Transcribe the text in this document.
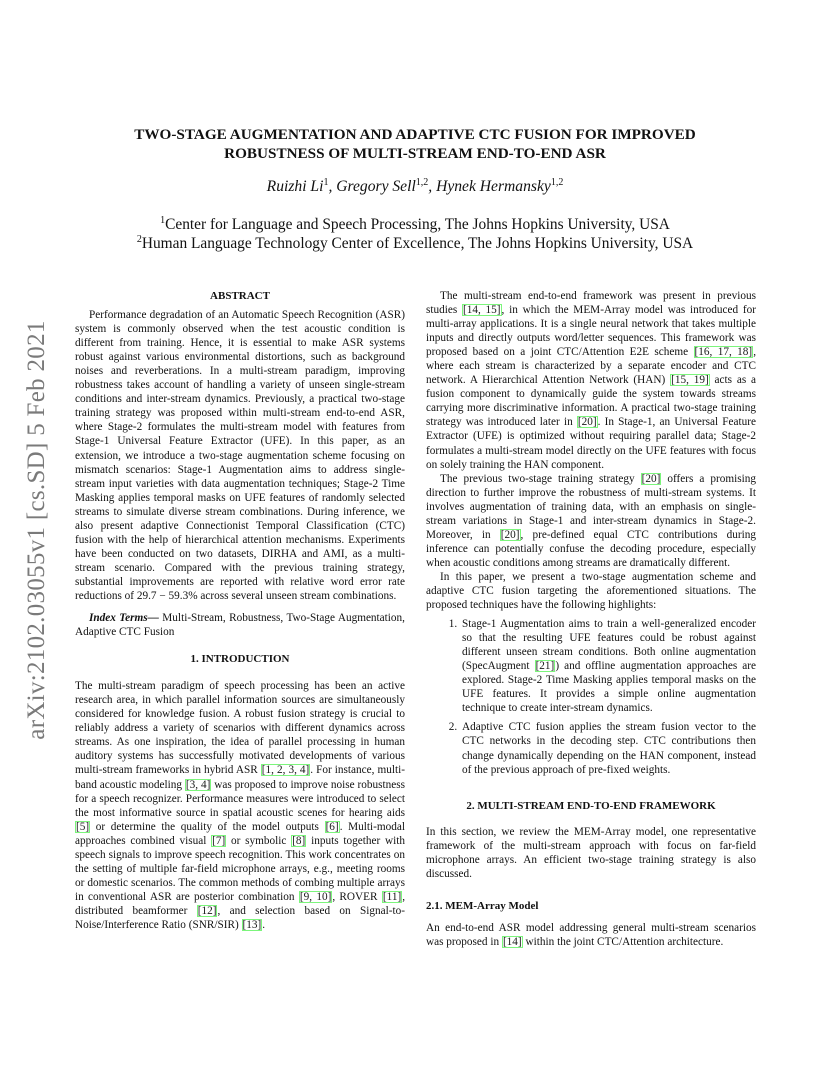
arXiv:2102.03055v1 [cs.SD] 5 Feb 2021
TWO-STAGE AUGMENTATION AND ADAPTIVE CTC FUSION FOR IMPROVED
ROBUSTNESS OF MULTI-STREAM END-TO-END ASR
Ruizhi Li$^1$, Gregory Sell$^{1,2}$, Hynek Hermansky$^{1,2}$
$^1$Center for Language and Speech Processing, The Johns Hopkins University, USA
$^2$Human Language Technology Center of Excellence, The Johns Hopkins University, USA
ABSTRACT

Performance degradation of an Automatic Speech Recognition (ASR) system is commonly observed when the test acoustic condition is different from training. Hence, it is essential to make ASR systems robust against various environmental distortions, such as background noises and reverberations. In a multi-stream paradigm, improving robustness takes account of handling a variety of unseen single-stream conditions and inter-stream dynamics. Previously, a practical two-stage training strategy was proposed within multi-stream end-to-end ASR, where Stage-2 formulates the multi-stream model with features from Stage-1 Universal Feature Extractor (UFE). In this paper, as an extension, we introduce a two-stage augmentation scheme focusing on mismatch scenarios: Stage-1 Augmentation aims to address single-stream input varieties with data augmentation techniques; Stage-2 Time Masking applies temporal masks on UFE features of randomly selected streams to simulate diverse stream combinations. During inference, we also present adaptive Connectionist Temporal Classification (CTC) fusion with the help of hierarchical attention mechanisms. Experiments have been conducted on two datasets, DIRHA and AMI, as a multi-stream scenario. Compared with the previous training strategy, substantial improvements are reported with relative word error rate reductions of 29.7 − 59.3% across several unseen stream combinations.

Index Terms— Multi-Stream, Robustness, Two-Stage Augmentation, Adaptive CTC Fusion

1. INTRODUCTION

The multi-stream paradigm of speech processing has been an active research area, in which parallel information sources are simultaneously considered for knowledge fusion. A robust fusion strategy is crucial to reliably address a variety of scenarios with different dynamics across streams. As one inspiration, the idea of parallel processing in human auditory systems has successfully motivated developments of various multi-stream frameworks in hybrid ASR [1, 2, 3, 4]. For instance, multi-band acoustic modeling [3, 4] was proposed to improve noise robustness for a speech recognizer. Performance measures were introduced to select the most informative source in spatial acoustic scenes for hearing aids [5] or determine the quality of the model outputs [6]. Multi-modal approaches combined visual [7] or symbolic [8] inputs together with speech signals to improve speech recognition. This work concentrates on the setting of multiple far-field microphone arrays, e.g., meeting rooms or domestic scenarios. The common methods of combing multiple arrays in conventional ASR are posterior combination [9, 10], ROVER [11], distributed beamformer [12], and selection based on Signal-to-Noise/Interference Ratio (SNR/SIR) [13].

The multi-stream end-to-end framework was present in previous studies [14, 15], in which the MEM-Array model was introduced for multi-array applications. It is a single neural network that takes multiple inputs and directly outputs word/letter sequences. This framework was proposed based on a joint CTC/Attention E2E scheme [16, 17, 18], where each stream is characterized by a separate encoder and CTC network. A Hierarchical Attention Network (HAN) [15, 19] acts as a fusion component to dynamically guide the system towards streams carrying more discriminative information. A practical two-stage training strategy was introduced later in [20]. In Stage-1, an Universal Feature Extractor (UFE) is optimized without requiring parallel data; Stage-2 formulates a multi-stream model directly on the UFE features with focus on solely training the HAN component.

The previous two-stage training strategy [20] offers a promising direction to further improve the robustness of multi-stream systems. It involves augmentation of training data, with an emphasis on single-stream variations in Stage-1 and inter-stream dynamics in Stage-2. Moreover, in [20], pre-defined equal CTC contributions during inference can potentially confuse the decoding procedure, especially when acoustic conditions among streams are dramatically different.

In this paper, we present a two-stage augmentation scheme and adaptive CTC fusion targeting the aforementioned situations. The proposed techniques have the following highlights:

1. Stage-1 Augmentation aims to train a well-generalized encoder so that the resulting UFE features could be robust against different unseen stream conditions. Both online augmentation (SpecAugment [21]) and offline augmentation approaches are explored. Stage-2 Time Masking applies temporal masks on the UFE features. It provides a simple online augmentation technique to create inter-stream dynamics.
2. Adaptive CTC fusion applies the stream fusion vector to the CTC networks in the decoding step. CTC contributions then change dynamically depending on the HAN component, instead of the previous approach of pre-fixed weights.
2. MULTI-STREAM END-TO-END FRAMEWORK

In this section, we review the MEM-Array model, one representative framework of the multi-stream approach with focus on far-field microphone arrays. An efficient two-stage training strategy is also discussed.

2.1. MEM-Array Model

An end-to-end ASR model addressing general multi-stream scenarios was proposed in [14] within the joint CTC/Attention architecture.
